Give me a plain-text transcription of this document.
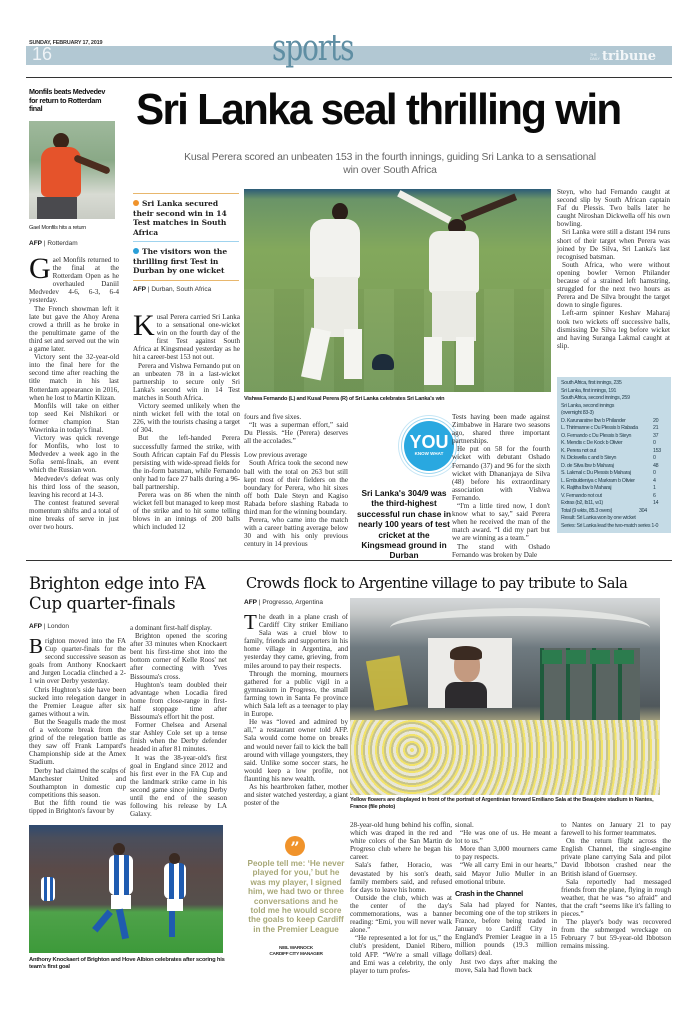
SUNDAY, FEBRUARY 17, 2019
16	sports	THE DAILY tribune
Monfils beats Medvedev for return to Rotterdam final
Gael Monfils hits a return
AFP | Rotterdam

Gael Monfils returned to the final at the Rotterdam Open as he overhauled Daniil Medvedev 4-6, 6-3, 6-4 yesterday.

The French showman left it late but gave the Ahoy Arena crowd a thrill as he broke in the penultimate game of the third set and served out the win a game later.

Victory sent the 32-year-old into the final here for the second time after reaching the title match in his last Rotterdam appearance in 2016, when he lost to Martin Klizan.

Monfils will take on either top seed Kei Nishikori or former champion Stan Wawrinka in today's final.

Victory was quick revenge for Monfils, who lost to Medvedev a week ago in the Sofia semi-finals, an event which the Russian won.

Medvedev's defeat was only his third loss of the season, leaving his record at 14-3.

The contest featured several momentum shifts and a total of nine breaks of serve in just over two hours.

Sri Lanka seal thrilling win
Kusal Perera scored an unbeaten 153 in the fourth innings, guiding Sri Lanka to a sensational win over South Africa
Sri Lanka secured their second win in 14 Test matches in South Africa
The visitors won the thrilling first Test in Durban by one wicket
AFP | Durban, South Africa
Vishwa Fernando (L) and Kusal Perera (R) of Sri Lanka celebrates Sri Lanka's win

Kusal Perera carried Sri Lanka to a sensational one-wicket win on the fourth day of the first Test against South Africa at Kingsmead yesterday as he hit a career-best 153 not out.

Perera and Vishwa Fernando put on an unbeaten 78 in a last-wicket partnership to secure only Sri Lanka's second win in 14 Test matches in South Africa.

Victory seemed unlikely when the ninth wicket fell with the total on 226, with the tourists chasing a target of 304.

But the left-handed Perera successfully farmed the strike, with South African captain Faf du Plessis persisting with wide-spread fields for the in-form batsman, while Fernando only had to face 27 balls during a 96-ball partnership.

Perera was on 86 when the ninth wicket fell but managed to keep most of the strike and to hit some telling blows in an innings of 200 balls which included 12

fours and five sixes.

“It was a superman effort,” said Du Plessis. “He (Perera) deserves all the accolades.”

Low previous average

South Africa took the second new ball with the total on 263 but still kept most of their fielders on the boundary for Perera, who hit sixes off both Dale Steyn and Kagiso Rabada before slashing Rabada to third man for the winning boundary.

Perera, who came into the match with a career batting average below 30 and with his only previous century in 14 previous

YOU
KNOW WHAT
Sri Lanka's 304/9 was the third-highest successful run chase in nearly 100 years of test cricket at the Kingsmead ground in Durban

Tests having been made against Zimbabwe in Harare two seasons ago, shared three important partnerships.

He put on 58 for the fourth wicket with debutant Oshado Fernando (37) and 96 for the sixth wicket with Dhananjaya de Silva (48) before his extraordinary association with Vishwa Fernando.

“I'm a little tired now, I don't know what to say,” said Perera when he received the man of the match award. “I did my part but we are winning as a team.”

The stand with Oshado Fernando was broken by Dale

Steyn, who had Fernando caught at second slip by South African captain Faf du Plessis. Two balls later he caught Niroshan Dickwella off his own bowling.

Sri Lanka were still a distant 194 runs short of their target when Perera was joined by De Silva, Sri Lanka's last recognised batsman.

South Africa, who were without opening bowler Vernon Philander because of a strained left hamstring, struggled for the next two hours as Perera and De Silva brought the target down to single figures.

Left-arm spinner Keshav Maharaj took two wickets off successive balls, dismissing De Silva leg before wicket and having Suranga Lakmal caught at slip.

South Africa, first innings, 235
Sri Lanka, first innings, 191
South Africa, second innings, 259
Sri Lanka, second innings
(overnight 83-3)
D. Karunaratne lbw b Philander	20
L. Thirimanne c Du Plessis b Rabada	21
O. Fernando c Du Plessis b Steyn	37
K. Mendis c De Kock b Olivier	0
K. Perera not out	153
N. Dickwella c and b Steyn	0
D. de Silva lbw b Maharaj	48
S. Lakmal c Du Plessis b Maharaj	0
L. Embuldeniya c Markram b Olivier	4
K. Rajitha lbw b Maharaj	1
V. Fernando not out	6
Extras (b2, lb11, w1)	14
Total (9 wkts, 85.3 overs)	304
Result: Sri Lanka won by one wicket
Series: Sri Lanka lead the two-match series 1-0
Brighton edge into FA Cup quarter-finals
AFP | London

Brighton moved into the FA Cup quarter-finals for the second successive season as goals from Anthony Knockaert and Jurgen Locadia clinched a 2-1 win over Derby yesterday.

Chris Hughton's side have been sucked into relegation danger in the Premier League after six games without a win.

But the Seagulls made the most of a welcome break from the grind of the relegation battle as they saw off Frank Lampard's Championship side at the Amex Stadium.

Derby had claimed the scalps of Manchester United and Southampton in domestic cup competitions this season.

But the fifth round tie was tipped in Brighton's favour by

a dominant first-half display.

Brighton opened the scoring after 33 minutes when Knockaert bent his first-time shot into the bottom corner of Kelle Roos' net after connecting with Yves Bissouma's cross.

Hughton's team doubled their advantage when Locadia fired home from close-range in first-half stoppage time after Bissouma's effort hit the post.

Former Chelsea and Arsenal star Ashley Cole set up a tense finish when the Derby defender headed in after 81 minutes.

It was the 38-year-old's first goal in England since 2012 and his first ever in the FA Cup and the landmark strike came in his second game since joining Derby until the end of the season following his release by LA Galaxy.

Anthony Knockaert of Brighton and Hove Albion celebrates after scoring his team's first goal
Crowds flock to Argentine village to pay tribute to Sala
AFP | Progresso, Argentina

The death in a plane crash of Cardiff City striker Emiliano Sala was a cruel blow to family, friends and supporters in his home village in Argentina, and yesterday they came, grieving, from miles around to pay their respects.

Through the morning, mourners gathered for a public vigil in a gymnasium in Progreso, the small farming town in Santa Fe province which Sala left as a teenager to play in Europe.

He was “loved and admired by all,” a restaurant owner told AFP. Sala would come home on breaks and would never fail to kick the ball around with village youngsters, they said. Unlike some soccer stars, he would keep a low profile, not flaunting his new wealth.

As his heartbroken father, mother and sister watched yesterday, a giant poster of the	Yellow flowers are displayed in front of the portrait of Argentinian forward Emiliano Sala at the Beaujoire stadium in Nantes, France (file photo)
”
People tell me: ‘He never played for you,’ but he was my player, I signed him, we had two or three conversations and he told me he would score the goals to keep Cardiff in the Premier League
NEIL WARNOCK
CARDIFF CITY MANAGER

28-year-old hung behind his coffin, which was draped in the red and white colors of the San Martin de Progreso club where he began his career.

Sala's father, Horacio, was devastated by his son's death, family members said, and refused for days to leave his home.

Outside the club, which was at the center of the day's commemorations, was a banner reading: “Emi, you will never walk alone.”

“He represented a lot for us,” the club's president, Daniel Ribero, told AFP. “We're a small village and Emi was a celebrity, the only player to turn profes-

sional.

“He was one of us. He meant a lot to us.”

More than 3,000 mourners came to pay respects.

“We all carry Emi in our hearts,” said Mayor Julio Muller in an emotional tribute.

Crash in the Channel

Sala had played for Nantes, becoming one of the top strikers in France, before being traded in January to Cardiff City in England's Premier League in a 15 million pounds (19.3 million dollars) deal.

Just two days after making the move, Sala had flown back

to Nantes on January 21 to pay farewell to his former teammates.

On the return flight across the English Channel, the single-engine private plane carrying Sala and pilot David Ibbotson crashed near the British island of Guernsey.

Sala reportedly had messaged friends from the plane, flying in rough weather, that he was “so afraid” and that the craft “seems like it's falling to pieces.”

The player's body was recovered from the submerged wreckage on February 7 but 59-year-old Ibbotson remains missing.
